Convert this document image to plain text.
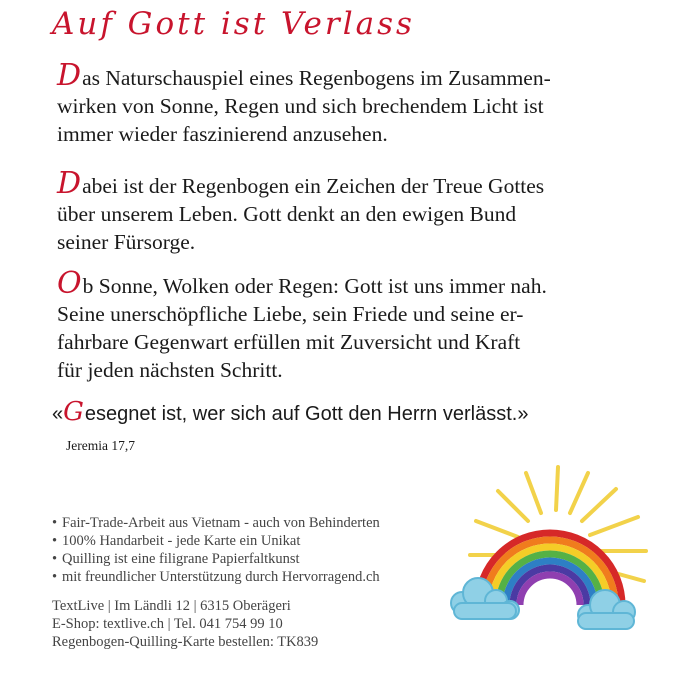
Auf Gott ist Verlass

Das Naturschauspiel eines Regenbogens im Zusammen-
wirken von Sonne, Regen und sich brechendem Licht ist
immer wieder faszinierend anzusehen.

Dabei ist der Regenbogen ein Zeichen der Treue Gottes
über unserem Leben. Gott denkt an den ewigen Bund
seiner Fürsorge.

Ob Sonne, Wolken oder Regen: Gott ist uns immer nah.
Seine unerschöpfliche Liebe, sein Friede und seine er-
fahrbare Gegenwart erfüllen mit Zuversicht und Kraft
für jeden nächsten Schritt.

«Gesegnet ist, wer sich auf Gott den Herrn verlässt.»

Jeremia 17,7
• Fair-Trade-Arbeit aus Vietnam - auch von Behinderten
• 100% Handarbeit - jede Karte ein Unikat
• Quilling ist eine filigrane Papierfaltkunst
• mit freundlicher Unterstützung durch Hervorragend.ch
TextLive | Im Ländli 12 | 6315 Oberägeri
E-Shop: textlive.ch | Tel. 041 754 99 10
Regenbogen-Quilling-Karte bestellen: TK839
